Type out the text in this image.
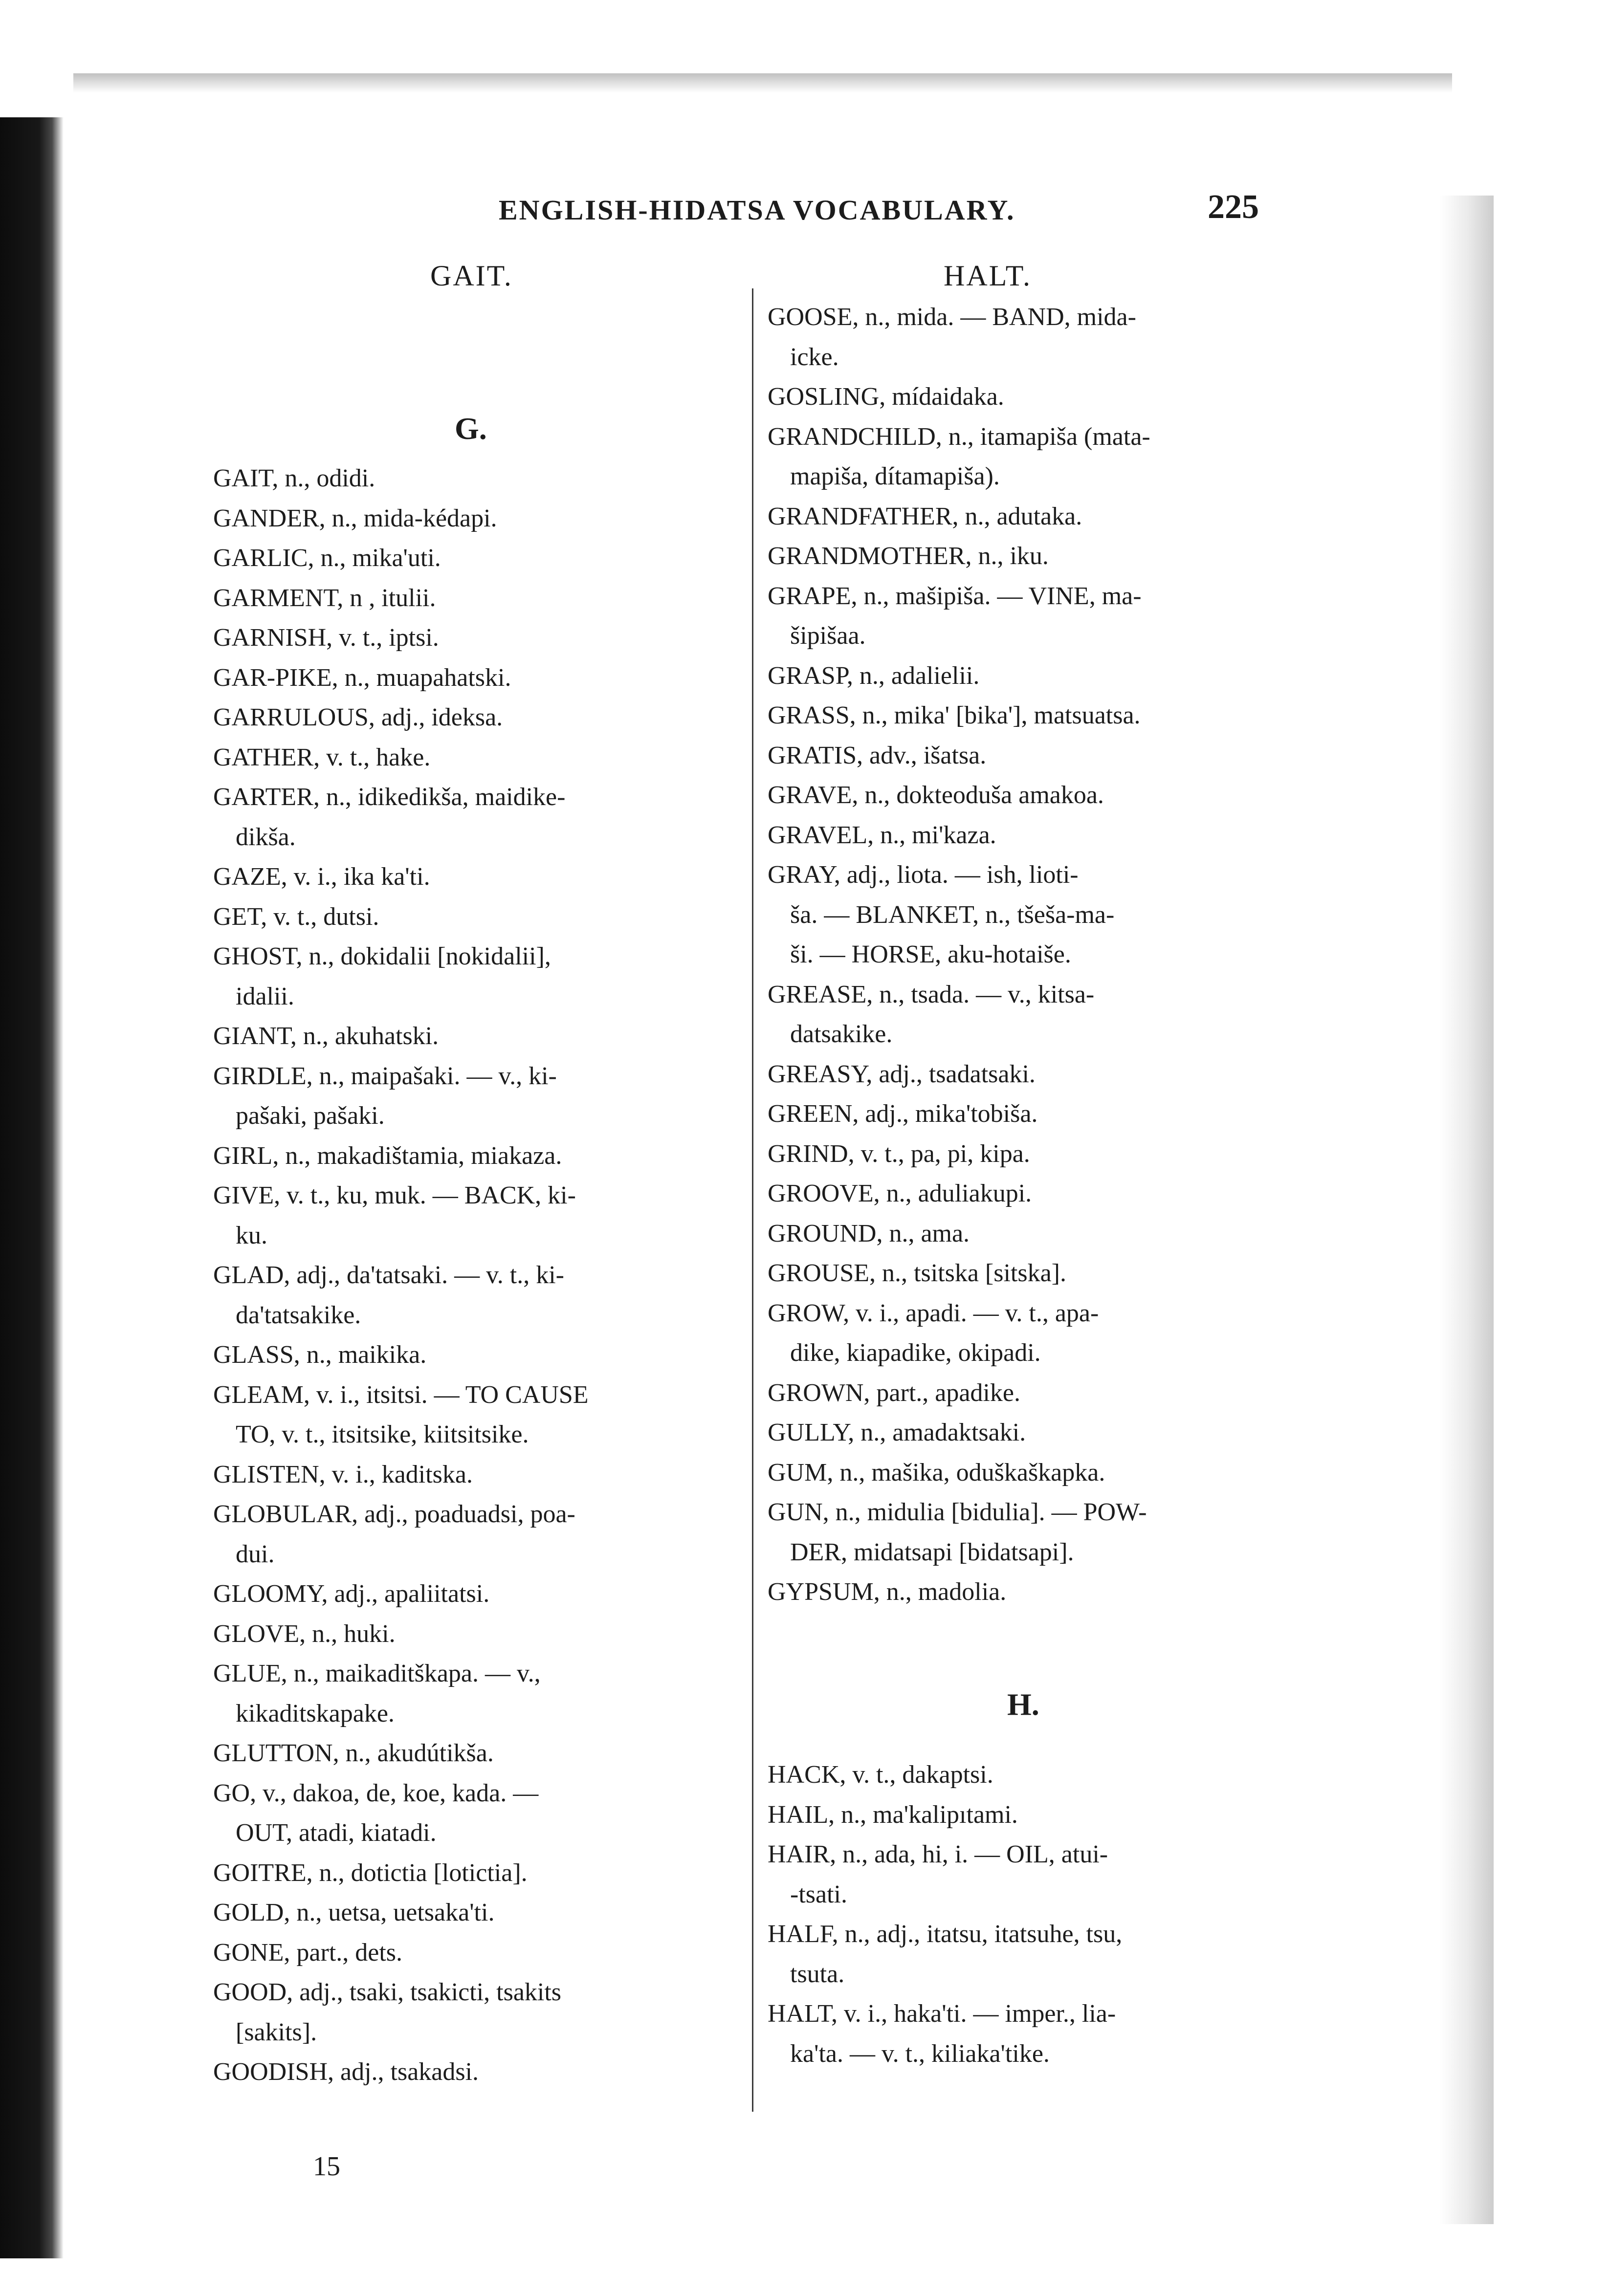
ENGLISH-HIDATSA VOCABULARY.	225
GAIT.	HALT.
G.

GAIT, n., odidi.

GANDER, n., mida-kédapi.

GARLIC, n., mika'uti.

GARMENT, n , itulii.

GARNISH, v. t., iptsi.

GAR-PIKE, n., muapahatski.

GARRULOUS, adj., ideksa.

GATHER, v. t., hake.

GARTER, n., idikedikša, maidike-
dikša.

GAZE, v. i., ika ka'ti.

GET, v. t., dutsi.

GHOST, n., dokidalii [nokidalii],
idalii.

GIANT, n., akuhatski.

GIRDLE, n., maipašaki. — v., ki-
pašaki, pašaki.

GIRL, n., makadištamia, miakaza.

GIVE, v. t., ku, muk. — BACK, ki-
ku.

GLAD, adj., da'tatsaki. — v. t., ki-
da'tatsakike.

GLASS, n., maikika.

GLEAM, v. i., itsitsi. — TO CAUSE
TO, v. t., itsitsike, kiitsitsike.

GLISTEN, v. i., kaditska.

GLOBULAR, adj., poaduadsi, poa-
dui.

GLOOMY, adj., apaliitatsi.

GLOVE, n., huki.

GLUE, n., maikaditškapa. — v.,
kikaditskapake.

GLUTTON, n., akudútikša.

GO, v., dakoa, de, koe, kada. —
OUT, atadi, kiatadi.

GOITRE, n., dotictia [lotictia].

GOLD, n., uetsa, uetsaka'ti.

GONE, part., dets.

GOOD, adj., tsaki, tsakicti, tsakits
[sakits].

GOODISH, adj., tsakadsi.

GOOSE, n., mida. — BAND, mida-
icke.

GOSLING, mídaidaka.

GRANDCHILD, n., itamapiša (mata-
mapiša, dítamapiša).

GRANDFATHER, n., adutaka.

GRANDMOTHER, n., iku.

GRAPE, n., mašipiša. — VINE, ma-
šipišaa.

GRASP, n., adalielii.

GRASS, n., mika' [bika'], matsuatsa.

GRATIS, adv., išatsa.

GRAVE, n., dokteoduša amakoa.

GRAVEL, n., mi'kaza.

GRAY, adj., liota. — ish, lioti-
ša. — BLANKET, n., tšeša-ma-
ši. — HORSE, aku-hotaiše.

GREASE, n., tsada. — v., kitsa-
datsakike.

GREASY, adj., tsadatsaki.

GREEN, adj., mika'tobiša.

GRIND, v. t., pa, pi, kipa.

GROOVE, n., aduliakupi.

GROUND, n., ama.

GROUSE, n., tsitska [sitska].

GROW, v. i., apadi. — v. t., apa-
dike, kiapadike, okipadi.

GROWN, part., apadike.

GULLY, n., amadaktsaki.

GUM, n., mašika, oduškaškapka.

GUN, n., midulia [bidulia]. — POW-
DER, midatsapi [bidatsapi].

GYPSUM, n., madolia.

H.

HACK, v. t., dakaptsi.

HAIL, n., ma'kalipıtami.

HAIR, n., ada, hi, i. — OIL, atui-
-tsati.

HALF, n., adj., itatsu, itatsuhe, tsu,
tsuta.

HALT, v. i., haka'ti. — imper., lia-
ka'ta. — v. t., kiliaka'tike.

15
